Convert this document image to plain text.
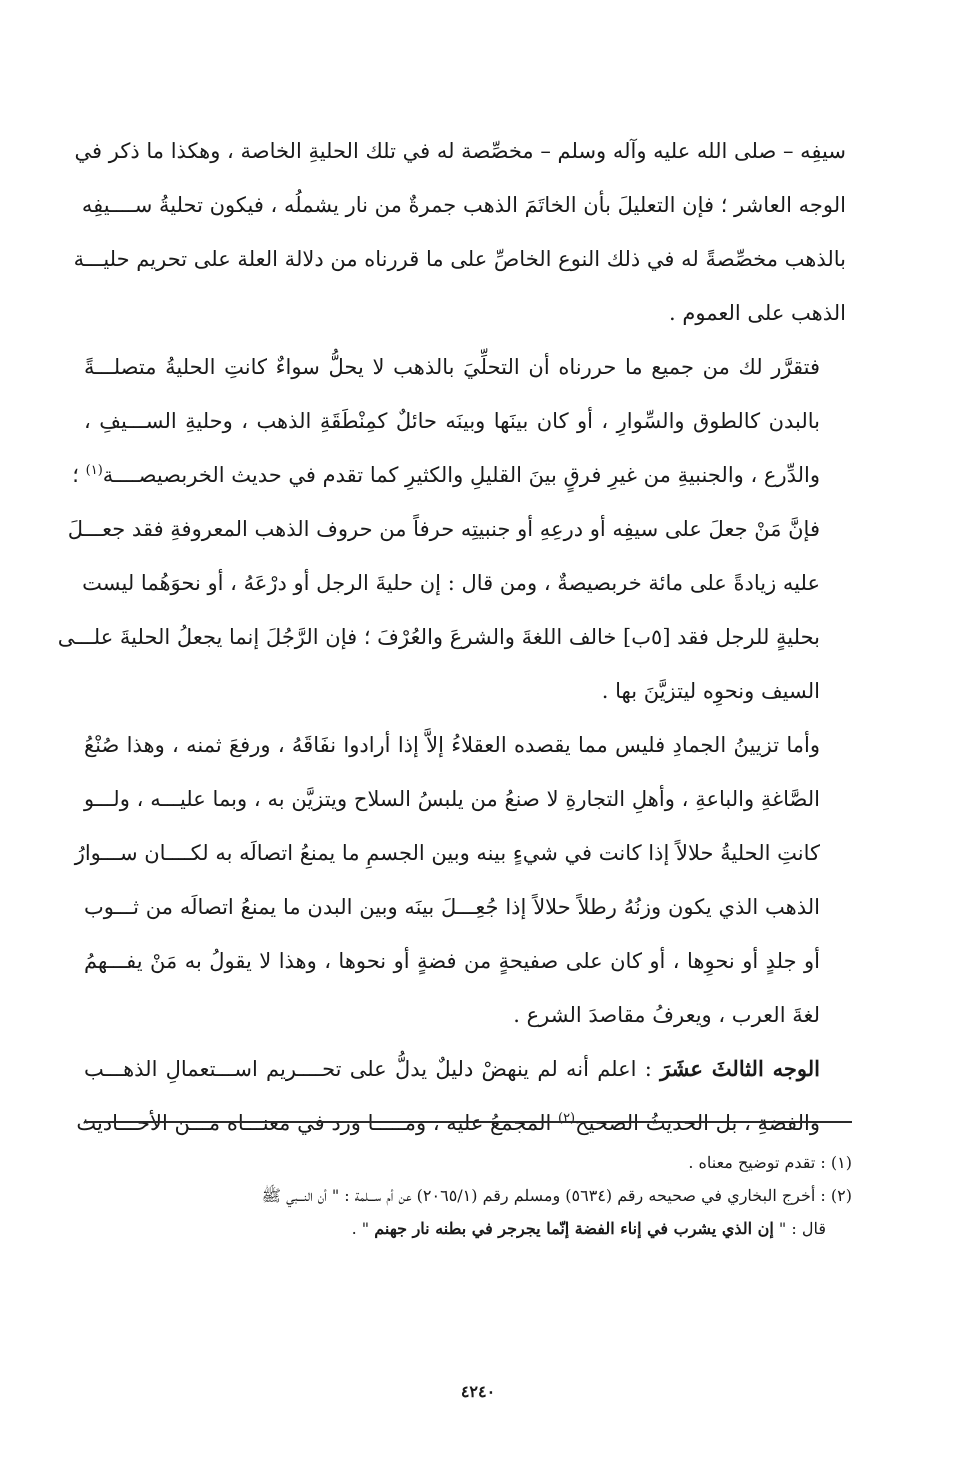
سيفِه – صلى الله عليه وآله وسلم – مخصِّصة له في تلك الحليةِ الخاصة ، وهكذا ما ذكر في
الوجه العاشر ؛ فإن التعليلَ بأن الخاتَمَ الذهب جمرةٌ من نار يشملُه ، فيكون تحليةُ ســــيفِه
بالذهب مخصِّصةً له في ذلك النوع الخاصِّ على ما قررناه من دلالة العلة على تحريم حليـــة
الذهب على العموم .

فتقرَّر لك من جميع ما حررناه أن التحلِّيَ بالذهب لا يحلُّ سواءٌ كانتِ الحليةُ متصلـــةً
بالبدن كالطوق والسِّوارِ ، أو كان بينَها وبينَه حائلٌ كمِنْطَقَةِ الذهب ، وحليةِ الســـيفِ ،
والدِّرع ، والجنبيةِ من غيرِ فرقٍ بينَ القليلِ والكثيرِ كما تقدم في حديث الخربصيصــــة$^{(١)}$ ؛
فإنَّ مَنْ جعلَ على سيفِه أو درعِهِ أو جنبيتِه حرفاً من حروف الذهب المعروفةِ فقد جعـــلَ
عليه زيادةً على مائة خربصيصةٌ ، ومن قال : إن حليةَ الرجل أو درْعَهُ ، أو نحوَهُما ليست
بحليةٍ للرجل فقد [٥ب] خالف اللغةَ والشرعَ والعُرْفَ ؛ فإن الرَّجُلَ إنما يجعلُ الحليةَ علـــى
السيف ونحوِه ليتزيَّنَ بها .

وأما تزيينُ الجمادِ فليس مما يقصده العقلاءُ إلاَّ إذا أرادوا نفَاقَهُ ، ورفعَ ثمنه ، وهذا صُنْعُ
الصَّاغةِ والباعةِ ، وأهلِ التجارةِ لا صنعُ من يلبسُ السلاح ويتزيَّن به ، وبما عليـــه ، ولـــو
كانتِ الحليةُ حلالاً إذا كانت في شيءٍ بينه وبين الجسمِ ما يمنعُ اتصالَه به لكــــان ســـوارُ
الذهب الذي يكون وزنُهُ رطلاً حلالاً إذا جُعِـــلَ بينَه وبين البدن ما يمنعُ اتصالَه من ثـــوب
أو جلدٍ أو نحوِها ، أو كان على صفيحةٍ من فضةٍ أو نحوها ، وهذا لا يقولُ به مَنْ يفـــهمُ
لغةَ العرب ، ويعرفُ مقاصدَ الشرع .

الوجه الثالثَ عشَرَ : اعلم أنه لم ينهضْ دليلٌ يدلُّ على تحــــريم اســـتعمالِ الذهـــب
والفضةِ ، بل الحديثُ الصحيح$^{(٢)}$ المجمعُ عليه ، ومـــــا ورد في معنـــاه مـــن الأحـــاديث

(١) : تقدم توضيح معناه .
(٢) : أخرج البخاري في صحيحه رقم (٥٦٣٤) ومسلم رقم (٢٠٦٥/١) عن أم ســـلمة : " أن النـــبي ﷺ
قال : " إن الذي يشرب في إناء الفضة إنّما يجرجر في بطنه نار جهنم " .
٤٢٤٠
